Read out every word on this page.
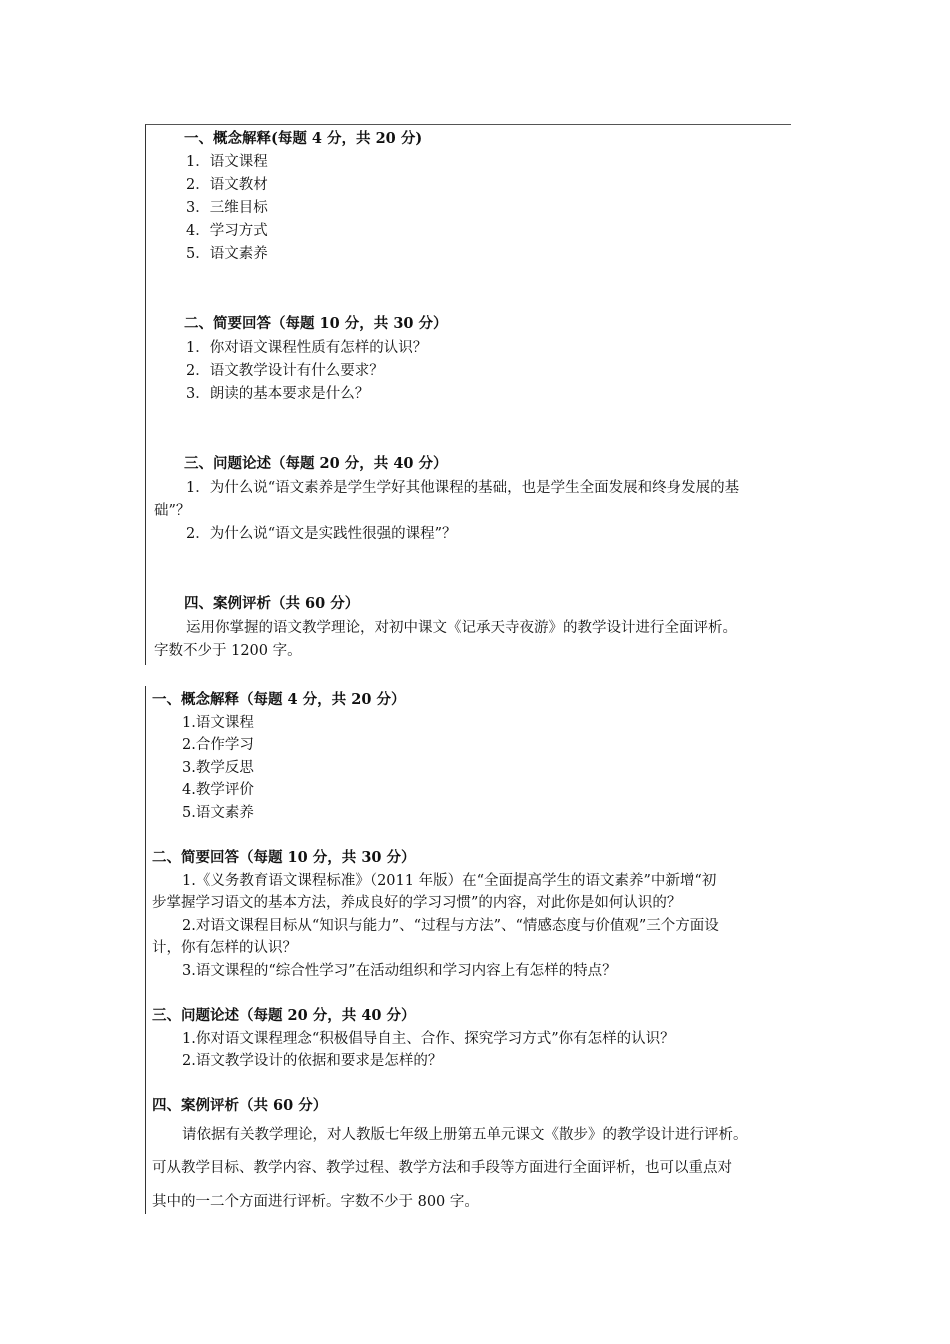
一、概念解释(每题 4 分，共 20 分)
1．语文课程
2．语文教材
3．三维目标
4．学习方式
5．语文素养
二、简要回答（每题 10 分，共 30 分）
1．你对语文课程性质有怎样的认识？
2．语文教学设计有什么要求？
3．朗读的基本要求是什么？
三、问题论述（每题 20 分，共 40 分）
1．为什么说“语文素养是学生学好其他课程的基础，也是学生全面发展和终身发展的基
础”？
2．为什么说“语文是实践性很强的课程”？
四、案例评析（共 60 分）
运用你掌握的语文教学理论，对初中课文《记承天寺夜游》的教学设计进行全面评析。
字数不少于 1200 字。
一、概念解释（每题 4 分，共 20 分）
1.语文课程
2.合作学习
3.教学反思
4.教学评价
5.语文素养
二、简要回答（每题 10 分，共 30 分）
1.《义务教育语文课程标准》（2011 年版）在“全面提高学生的语文素养”中新增“初
步掌握学习语文的基本方法，养成良好的学习习惯”的内容，对此你是如何认识的？
2.对语文课程目标从“知识与能力”、“过程与方法”、“情感态度与价值观”三个方面设
计，你有怎样的认识？
3.语文课程的“综合性学习”在活动组织和学习内容上有怎样的特点？
三、问题论述（每题 20 分，共 40 分）
1.你对语文课程理念“积极倡导自主、合作、探究学习方式”你有怎样的认识？
2.语文教学设计的依据和要求是怎样的？
四、案例评析（共 60 分）
请依据有关教学理论，对人教版七年级上册第五单元课文《散步》的教学设计进行评析。
可从教学目标、教学内容、教学过程、教学方法和手段等方面进行全面评析，也可以重点对
其中的一二个方面进行评析。字数不少于 800 字。
